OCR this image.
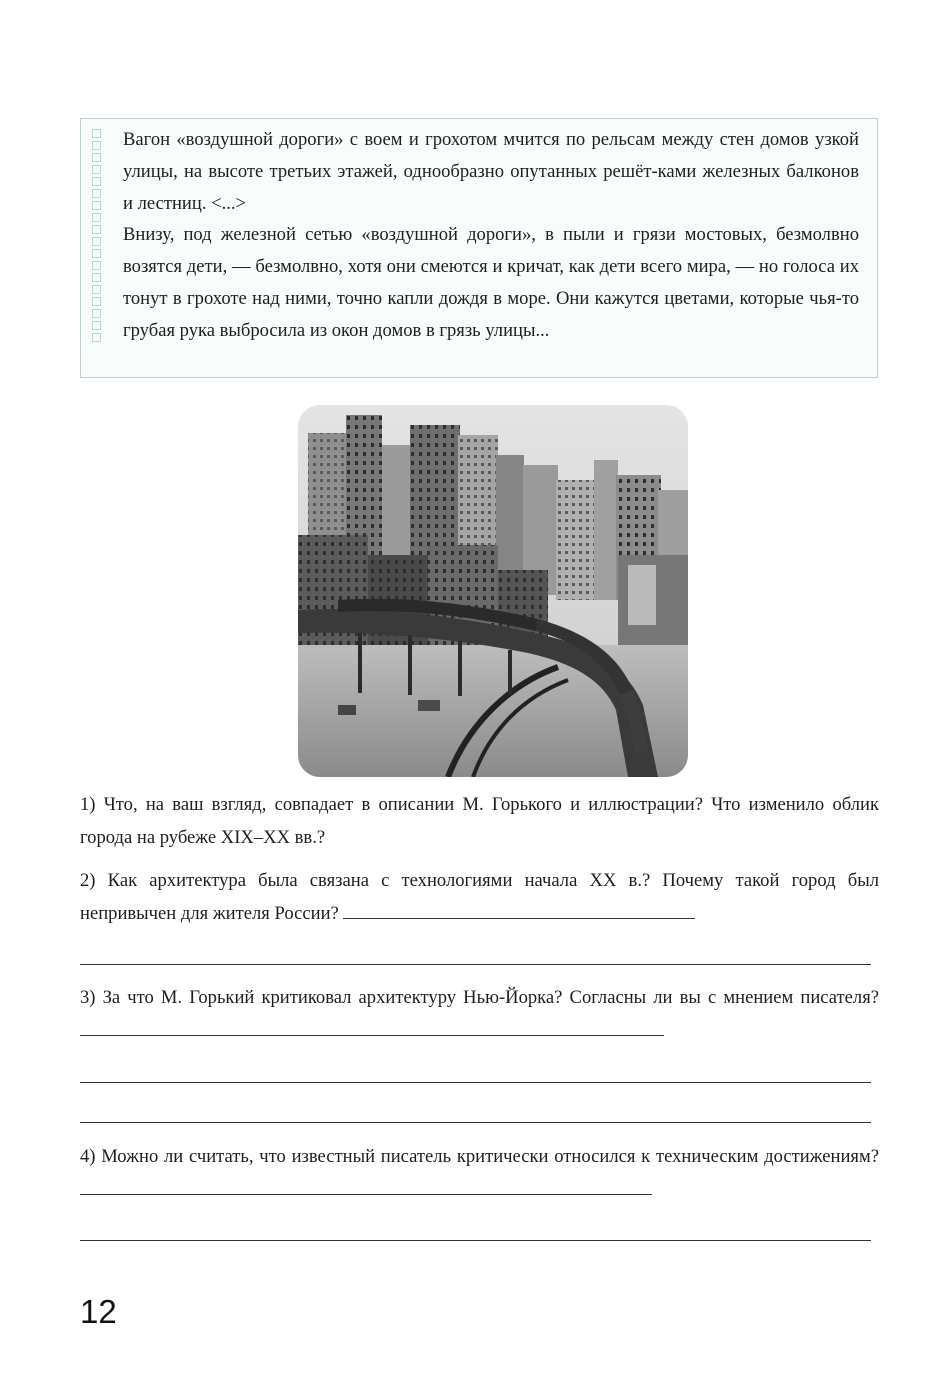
Вагон «воздушной дороги» с воем и грохотом мчится по рельсам между стен домов узкой улицы, на высоте третьих этажей, однообразно опутанных решёт-ками железных балконов и лестниц. <...>

Внизу, под железной сетью «воздушной дороги», в пыли и грязи мостовых, безмолвно возятся дети, — безмолвно, хотя они смеются и кричат, как дети всего мира, — но голоса их тонут в грохоте над ними, точно капли дождя в море. Они кажутся цветами, которые чья-то грубая рука выбросила из окон домов в грязь улицы...

1) Что, на ваш взгляд, совпадает в описании М. Горького и иллюстрации? Что изменило облик города на рубеже XIX–XX вв.?

2) Как архитектура была связана с технологиями начала XX в.? Почему такой город был непривычен для жителя России?

3) За что М. Горький критиковал архитектуру Нью-Йорка? Согласны ли вы с мнением писателя?

4) Можно ли считать, что известный писатель критически относился к техническим достижениям?

12
